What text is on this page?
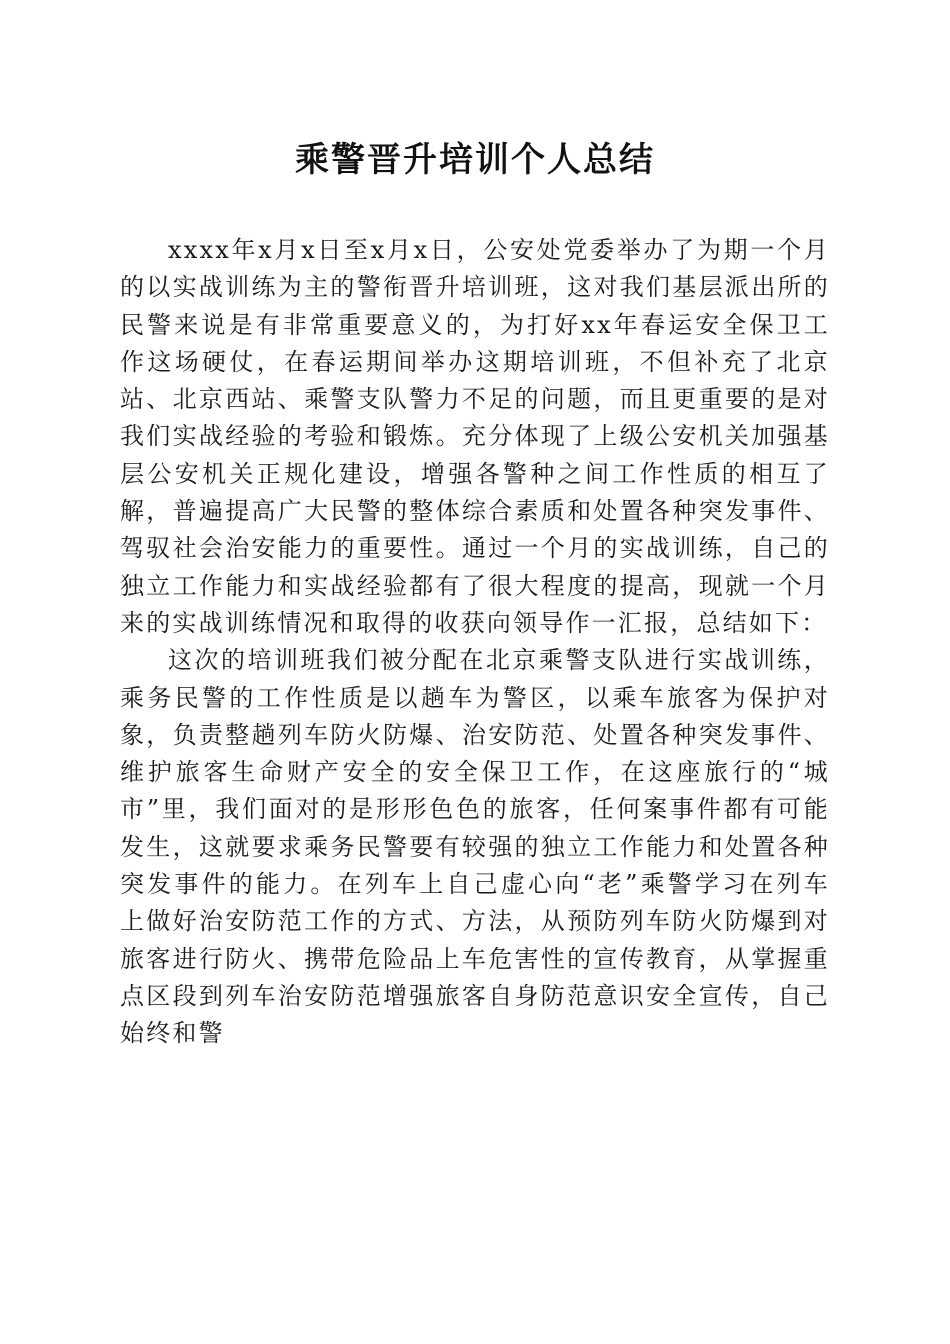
乘警晋升培训个人总结

xxxx年x月x日至x月x日，公安处党委举办了为期一个月的以实战训练为主的警衔晋升培训班，这对我们基层派出所的民警来说是有非常重要意义的，为打好xx年春运安全保卫工作这场硬仗，在春运期间举办这期培训班，不但补充了北京站、北京西站、乘警支队警力不足的问题，而且更重要的是对我们实战经验的考验和锻炼。充分体现了上级公安机关加强基层公安机关正规化建设，增强各警种之间工作性质的相互了解，普遍提高广大民警的整体综合素质和处置各种突发事件、驾驭社会治安能力的重要性。通过一个月的实战训练，自己的独立工作能力和实战经验都有了很大程度的提高，现就一个月来的实战训练情况和取得的收获向领导作一汇报，总结如下：

这次的培训班我们被分配在北京乘警支队进行实战训练，乘务民警的工作性质是以趟车为警区，以乘车旅客为保护对象，负责整趟列车防火防爆、治安防范、处置各种突发事件、维护旅客生命财产安全的安全保卫工作，在这座旅行的“城市”里，我们面对的是形形色色的旅客，任何案事件都有可能发生，这就要求乘务民警要有较强的独立工作能力和处置各种突发事件的能力。在列车上自己虚心向“老”乘警学习在列车上做好治安防范工作的方式、方法，从预防列车防火防爆到对旅客进行防火、携带危险品上车危害性的宣传教育，从掌握重点区段到列车治安防范增强旅客自身防范意识安全宣传，自己始终和警
